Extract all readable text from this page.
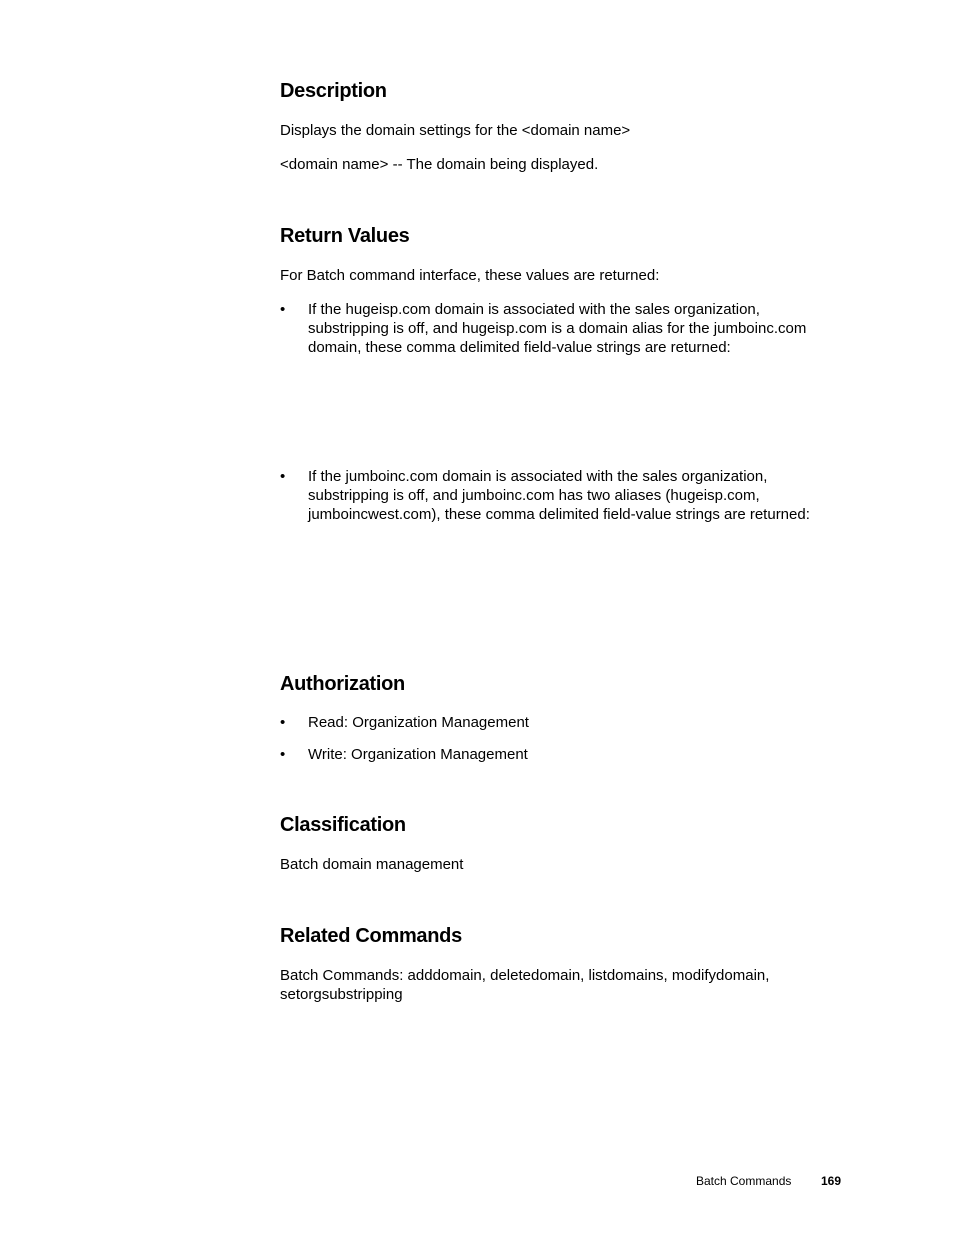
Description

Displays the domain settings for the <domain name>

<domain name> -- The domain being displayed.

Return Values

For Batch command interface, these values are returned:

• If the hugeisp.com domain is associated with the sales organization, substripping is off, and hugeisp.com is a domain alias for the jumboinc.com domain, these comma delimited field-value strings are returned:
• If the jumboinc.com domain is associated with the sales organization, substripping is off, and jumboinc.com has two aliases (hugeisp.com, jumboincwest.com), these comma delimited field-value strings are returned:
Authorization
• Read: Organization Management
• Write: Organization Management
Classification

Batch domain management

Related Commands

Batch Commands: adddomain, deletedomain, listdomains, modifydomain, setorgsubstripping

Batch Commands 169
